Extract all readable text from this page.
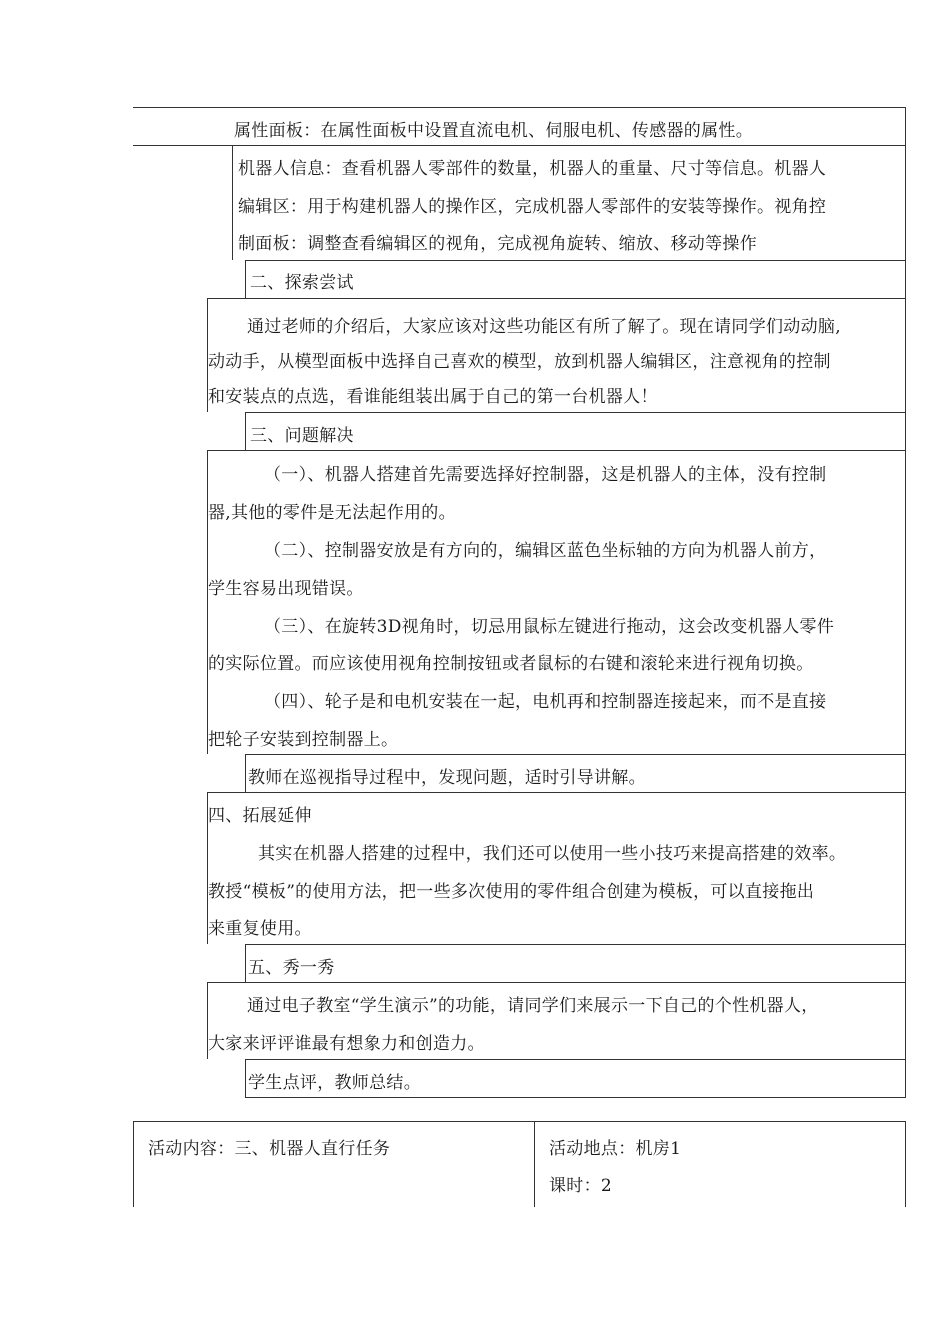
属性面板：在属性面板中设置直流电机、伺服电机、传感器的属性。
机器人信息：查看机器人零部件的数量，机器人的重量、尺寸等信息。机器人
编辑区：用于构建机器人的操作区，完成机器人零部件的安装等操作。视角控
制面板：调整查看编辑区的视角，完成视角旋转、缩放、移动等操作
二、探索尝试
通过老师的介绍后，大家应该对这些功能区有所了解了。现在请同学们动动脑,
动动手，从模型面板中选择自己喜欢的模型，放到机器人编辑区，注意视角的控制
和安装点的点选，看谁能组装出属于自己的第一台机器人！
三、问题解决
（一）、机器人搭建首先需要选择好控制器，这是机器人的主体，没有控制
器,其他的零件是无法起作用的。
（二）、控制器安放是有方向的，编辑区蓝色坐标轴的方向为机器人前方，
学生容易出现错误。
（三）、在旋转3D视角时，切忌用鼠标左键进行拖动，这会改变机器人零件
的实际位置。而应该使用视角控制按钮或者鼠标的右键和滚轮来进行视角切换。
（四）、轮子是和电机安装在一起，电机再和控制器连接起来，而不是直接
把轮子安装到控制器上。
教师在巡视指导过程中，发现问题，适时引导讲解。
四、拓展延伸
其实在机器人搭建的过程中，我们还可以使用一些小技巧来提高搭建的效率。
教授“模板”的使用方法，把一些多次使用的零件组合创建为模板，可以直接拖出
来重复使用。
五、秀一秀
通过电子教室“学生演示”的功能，请同学们来展示一下自己的个性机器人，
大家来评评谁最有想象力和创造力。
学生点评，教师总结。
活动内容：三、机器人直行任务	活动地点：机房1
课时：2
